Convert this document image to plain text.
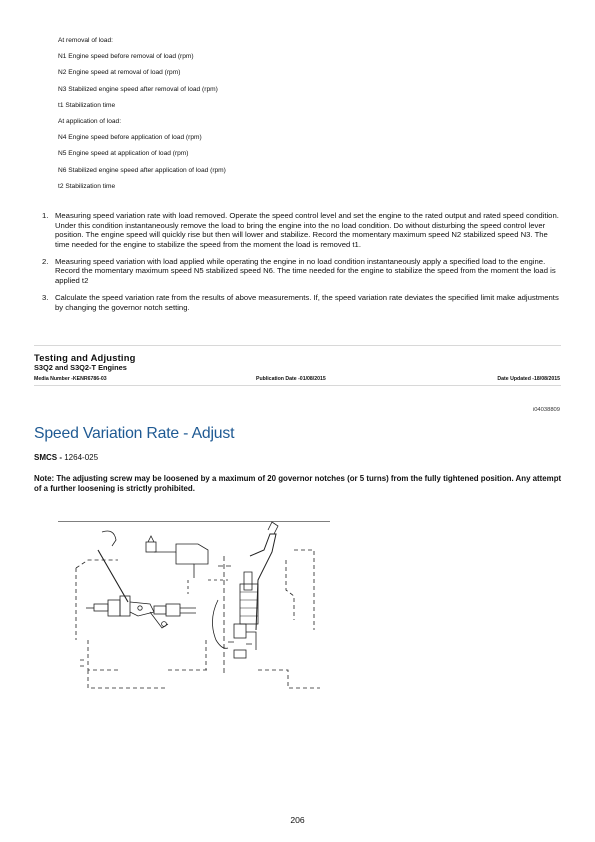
At removal of load:
N1 Engine speed before removal of load (rpm)
N2 Engine speed at removal of load (rpm)
N3 Stabilized engine speed after removal of load (rpm)
t1 Stabilization time
At application of load:
N4 Engine speed before application of load (rpm)
N5 Engine speed at application of load (rpm)
N6 Stabilized engine speed after application of load (rpm)
t2 Stabilization time
1. Measuring speed variation rate with load removed. Operate the speed control level and set the engine to the rated output and rated speed condition. Under this condition instantaneously remove the load to bring the engine into the no load condition. Do without disturbing the speed control lever position. The engine speed will quickly rise but then will lower and stabilize. Record the momentary maximum speed N2 stabilized speed N3. The time needed for the engine to stabilize the speed from the moment the load is removed t1.
2. Measuring speed variation with load applied while operating the engine in no load condition instantaneously apply a specified load to the engine. Record the momentary maximum speed N5 stabilized speed N6. The time needed for the engine to stabilize the speed from the moment the load is applied t2
3. Calculate the speed variation rate from the results of above measurements. If, the speed variation rate deviates the specified limit make adjustments by changing the governor notch setting.
Testing and Adjusting
S3Q2 and S3Q2-T Engines
Media Number -KENR6786-03	Publication Date -01/08/2015	Date Updated -18/08/2015
i04038809
Speed Variation Rate - Adjust
SMCS - 1264-025
Note: The adjusting screw may be loosened by a maximum of 20 governor notches (or 5 turns) from the fully tightened position. Any attempt of a further loosening is strictly prohibited.
206
